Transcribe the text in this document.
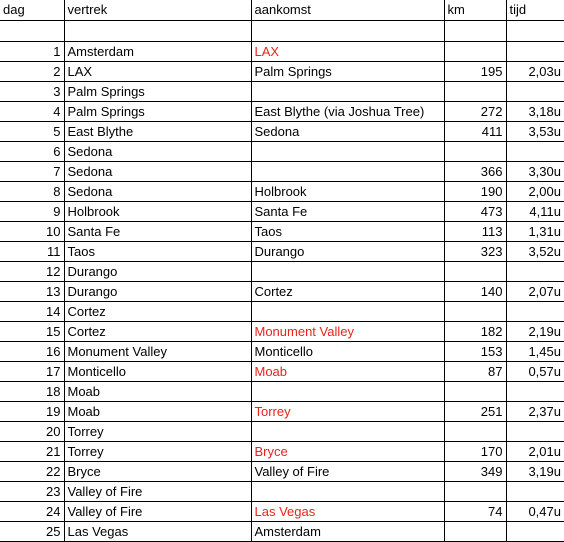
dag	vertrek	aankomst	km	tijd

1	Amsterdam	LAX		
2	LAX	Palm Springs	195	2,03u
3	Palm Springs			
4	Palm Springs	East Blythe (via Joshua Tree)	272	3,18u
5	East Blythe	Sedona	411	3,53u
6	Sedona			
7	Sedona		366	3,30u
8	Sedona	Holbrook	190	2,00u
9	Holbrook	Santa Fe	473	4,11u
10	Santa Fe	Taos	113	1,31u
11	Taos	Durango	323	3,52u
12	Durango			
13	Durango	Cortez	140	2,07u
14	Cortez			
15	Cortez	Monument Valley	182	2,19u
16	Monument Valley	Monticello	153	1,45u
17	Monticello	Moab	87	0,57u
18	Moab			
19	Moab	Torrey	251	2,37u
20	Torrey			
21	Torrey	Bryce	170	2,01u
22	Bryce	Valley of Fire	349	3,19u
23	Valley of Fire			
24	Valley of Fire	Las Vegas	74	0,47u
25	Las Vegas	Amsterdam		
